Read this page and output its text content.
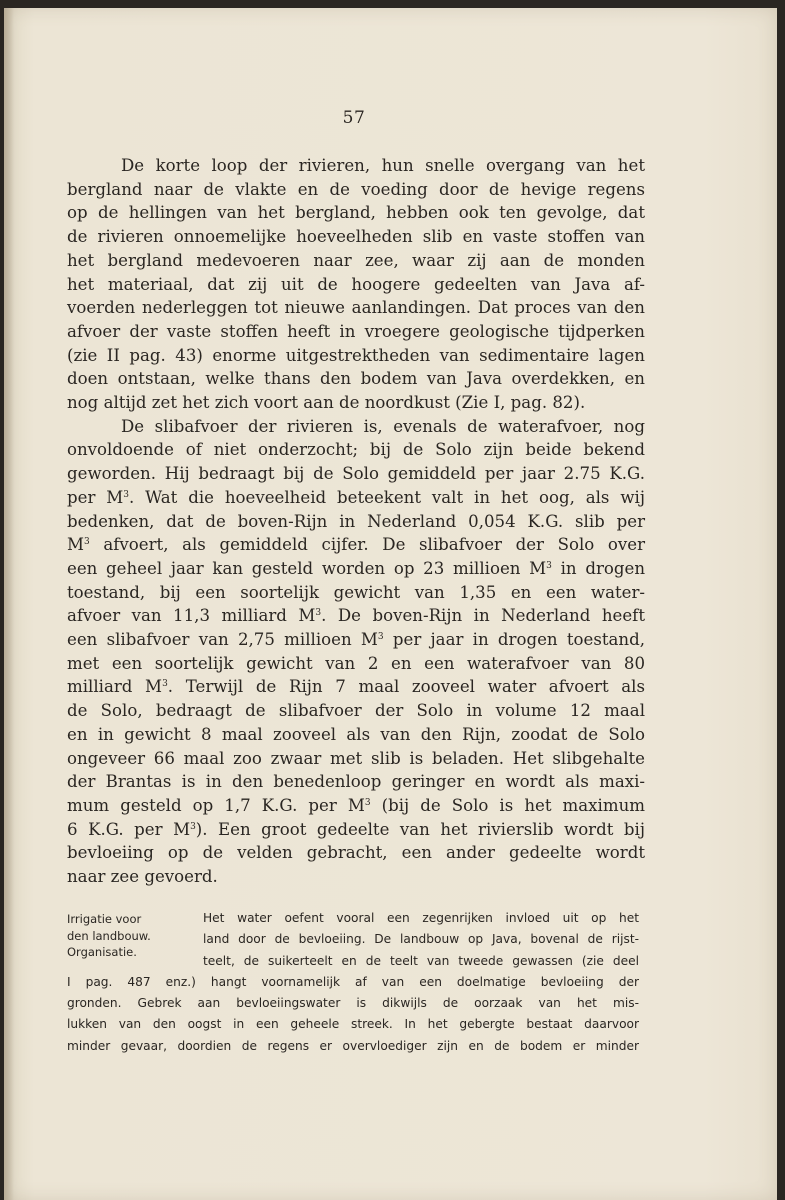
57
De korte loop der rivieren, hun snelle overgang van het
bergland naar de vlakte en de voeding door de hevige regens
op de hellingen van het bergland, hebben ook ten gevolge, dat
de rivieren onnoemelijke hoeveelheden slib en vaste stoffen van
het bergland medevoeren naar zee, waar zij aan de monden
het materiaal, dat zij uit de hoogere gedeelten van Java af-
voerden nederleggen tot nieuwe aanlandingen. Dat proces van den
afvoer der vaste stoffen heeft in vroegere geologische tijdperken
(zie II pag. 43) enorme uitgestrektheden van sedimentaire lagen
doen ontstaan, welke thans den bodem van Java overdekken, en
nog altijd zet het zich voort aan de noordkust (Zie I, pag. 82).
De slibafvoer der rivieren is, evenals de waterafvoer, nog
onvoldoende of niet onderzocht; bij de Solo zijn beide bekend
geworden. Hij bedraagt bij de Solo gemiddeld per jaar 2.75 K.G.
per $M^3$. Wat die hoeveelheid beteekent valt in het oog, als wij
bedenken, dat de boven-Rijn in Nederland 0,054 K.G. slib per
$M^3$ afvoert, als gemiddeld cijfer. De slibafvoer der Solo over
een geheel jaar kan gesteld worden op 23 millioen $M^3$ in drogen
toestand, bij een soortelijk gewicht van 1,35 en een water-
afvoer van 11,3 milliard $M^3$. De boven-Rijn in Nederland heeft
een slibafvoer van 2,75 millioen $M^3$ per jaar in drogen toestand,
met een soortelijk gewicht van 2 en een waterafvoer van 80
milliard $M^3$. Terwijl de Rijn 7 maal zooveel water afvoert als
de Solo, bedraagt de slibafvoer der Solo in volume 12 maal
en in gewicht 8 maal zooveel als van den Rijn, zoodat de Solo
ongeveer 66 maal zoo zwaar met slib is beladen. Het slibgehalte
der Brantas is in den benedenloop geringer en wordt als maxi-
mum gesteld op 1,7 K.G. per $M^3$ (bij de Solo is het maximum
6 K.G. per $M^3$). Een groot gedeelte van het rivierslib wordt bij
bevloeiing op de velden gebracht, een ander gedeelte wordt
naar zee gevoerd.
Irrigatie voor
den landbouw.
Organisatie.
Het water oefent vooral een zegenrijken invloed uit op het
land door de bevloeiing. De landbouw op Java, bovenal de rijst-
teelt, de suikerteelt en de teelt van tweede gewassen (zie deel
I pag. 487 enz.) hangt voornamelijk af van een doelmatige bevloeiing der
gronden. Gebrek aan bevloeiingswater is dikwijls de oorzaak van het mis-
lukken van den oogst in een geheele streek. In het gebergte bestaat daarvoor
minder gevaar, doordien de regens er overvloediger zijn en de bodem er minder
